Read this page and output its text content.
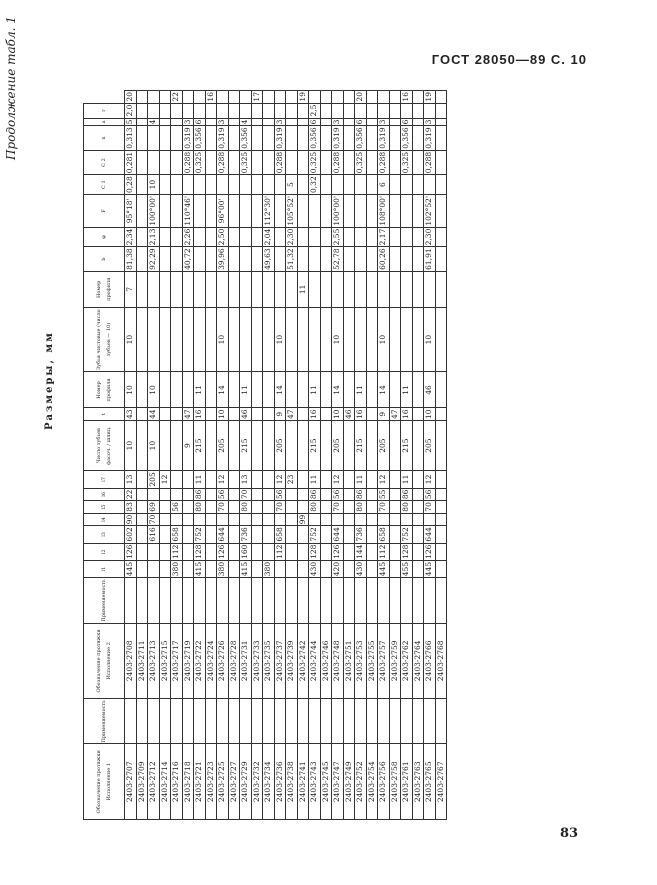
ГОСТ 28050—89 С. 10
Продолжение табл. 1
Размеры, мм
Обозначение протяжки Исполнение 1	Применяемость	Обозначение протяжки Исполнение 2	Применяемость	l1	l2	l3	l4	l5	l6	l7	Число зубьев фасоч. / шлиц.	t	Номер профиля	Зубья чистовые (число зубьев — 10)	Номер профиля	b	φ	F	C 1	C 2	n	a	r	
2403-2707		2403-2708		445	126	602	90	83	22	13	10	43	10	10	7	81,38	2,34	95°18'	0,28	0,281	0,313	5	2,0	20
2403-2709		2403-2711																						
2403-2712		2403-2713				616	70	69		205	10	44	10			92,29	2,13	100°00'	10			4		
2403-2714		2403-2715								12														
2403-2716		2403-2717		380	112	658		56																22
2403-2718		2403-2719									9	47				40,72	2,26	110°46'		0,288	0,319	3		
2403-2721		2403-2722		415	128	752		80	86	11	215	16	11							0,325	0,356	6		
2403-2723		2403-2724																						16
2403-2725		2403-2726		380	126	644		70	56	12	205	10	14	10		39,96	2,50	96°00'		0,288	0,319	3		
2403-2727		2403-2728																						
2403-2729		2403-2731		415	160	736		80	70	13	215	46	11							0,325	0,356	4		
2403-2732		2403-2733																						17
2403-2734		2403-2735		380												49,63	2,04	112°30'						
2403-2736		2403-2737			112	658		70	56	12	205	9	14	10						0,288	0,319	3		
2403-2738		2403-2739								23		47				51,32	2,30	105°52'	5					
2403-2741		2403-2742					99								11									19
2403-2743		2403-2744		430	128	752		80	86	11	215	16	11						0,32	0,325	0,356	6	2,5	
2403-2745		2403-2746																						
2403-2747		2403-2748		420	126	644		70	56	12	205	10	14	10		52,78	2,55	100°00'		0,288	0,319	3		
2403-2749		2403-2751										46												
2403-2752		2403-2753		430	144	736		80	86	11	215	16	11							0,325	0,356	6		20
2403-2754		2403-2755																						
2403-2756		2403-2757		445	112	658		70	55	12	205	9	14	10		60,26	2,17	108°00'	6	0,288	0,319	3		
2403-2758		2403-2759										47												
2403-2761		2403-2762		455	128	752		80	86	11	215	16	11							0,325	0,356	6		16
2403-2763		2403-2764																						
2403-2765		2403-2766		445	126	644		70	56	12	205	10	46	10		61,91	2,30	102°52'		0,288	0,319	3		19
2403-2767		2403-2768																						
83
